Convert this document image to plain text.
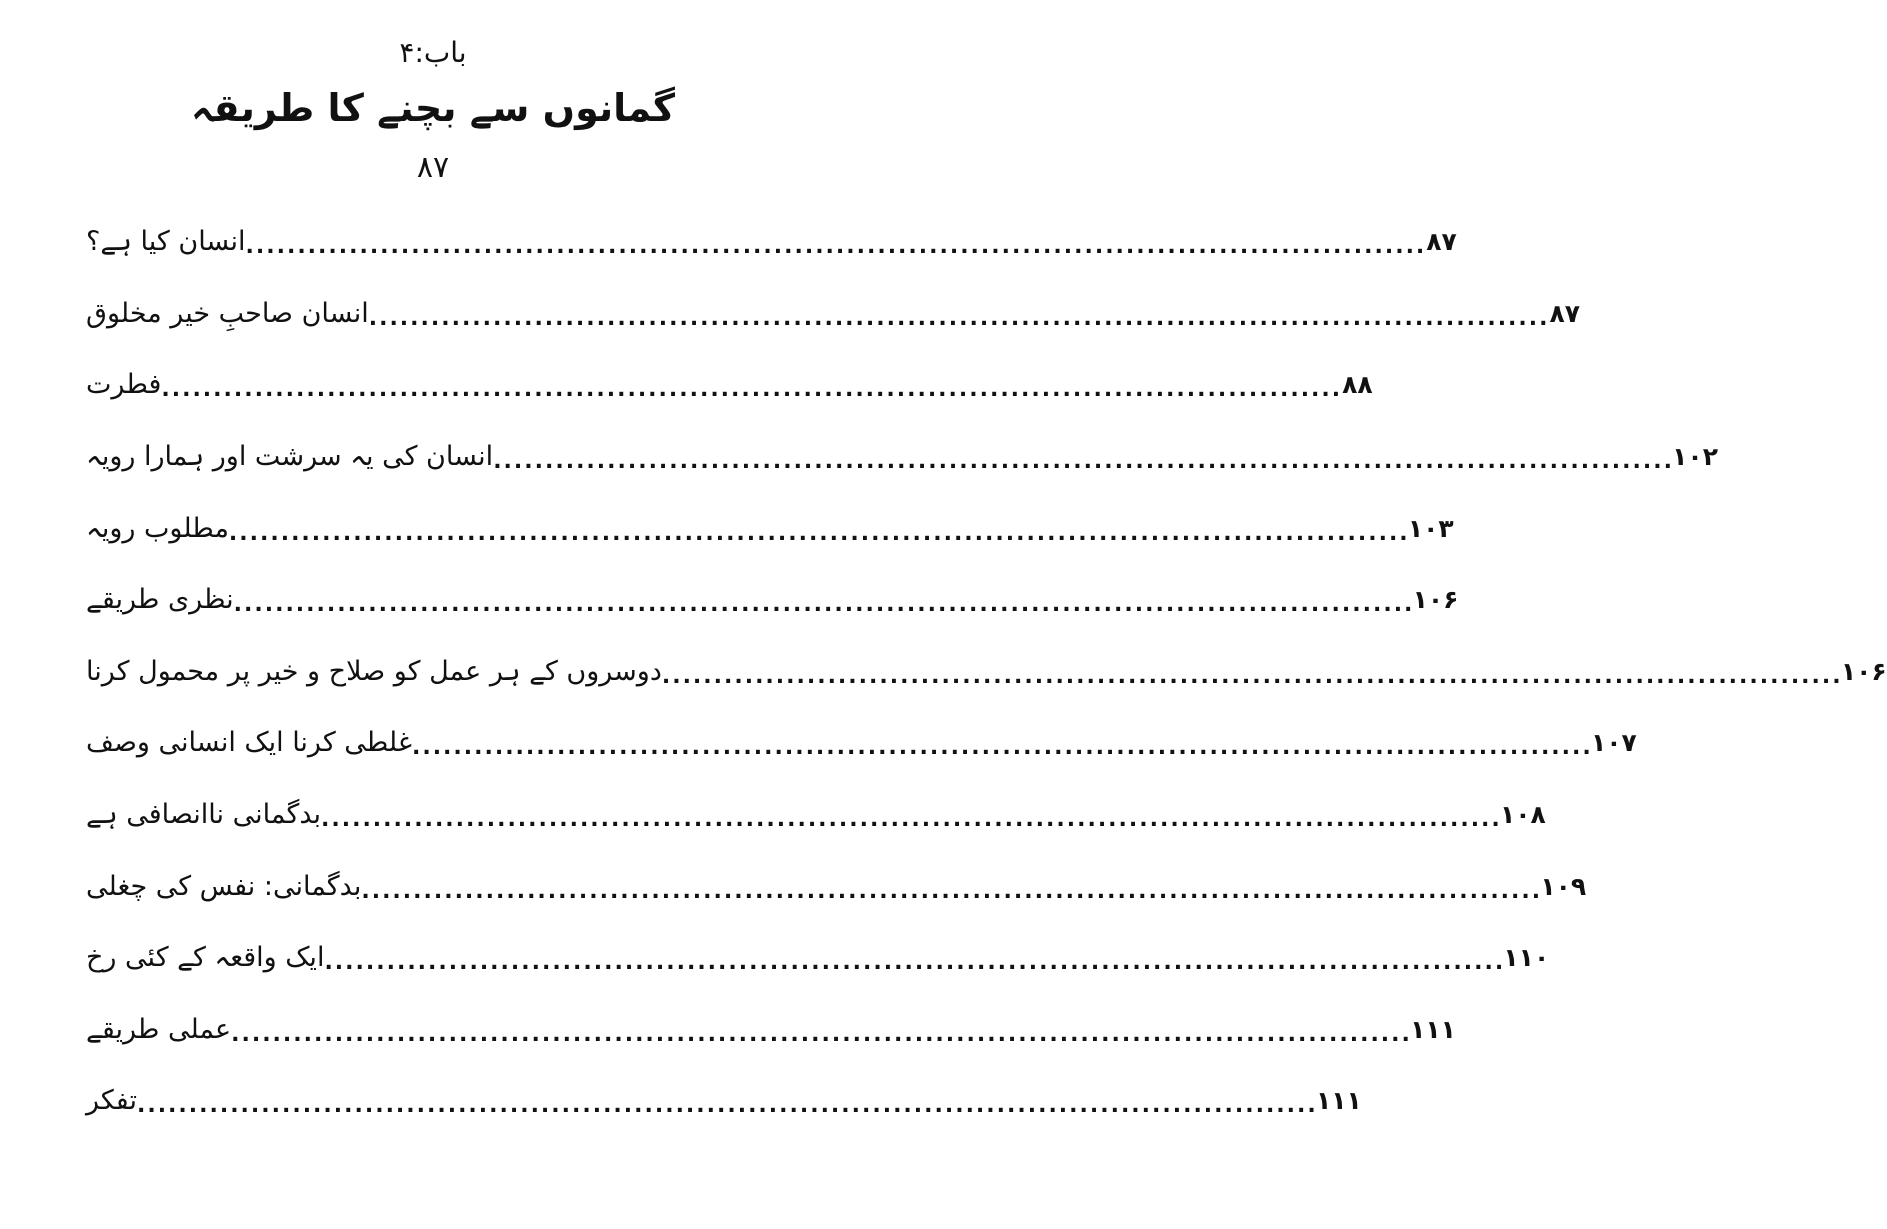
باب:۴
گمانوں سے بچنے کا طریقہ
۸۷
انسان کیا ہے؟ .................................................................................................................. ۸۷
انسان صاحبِ خیر مخلوق .................................................................................................................. ۸۷
فطرت .................................................................................................................. ۸۸
انسان کی یہ سرشت اور ہمارا رویہ ..................................................................................................................
۱۰۲
مطلوب رویہ ..................................................................................................................
۱۰۳
نظری طریقے ..................................................................................................................
۱۰۶
دوسروں کے ہر عمل کو صلاح و خیر پر محمول کرنا ..................................................................................................................
۱۰۶
غلطی کرنا ایک انسانی وصف ..................................................................................................................
۱۰۷
بدگمانی ناانصافی ہے ..................................................................................................................
۱۰۸
بدگمانی: نفس کی چغلی ..................................................................................................................
۱۰۹
ایک واقعہ کے کئی رخ ..................................................................................................................
۱۱۰
عملی طریقے ..................................................................................................................
۱۱۱
تفکر ..................................................................................................................
۱۱۱
